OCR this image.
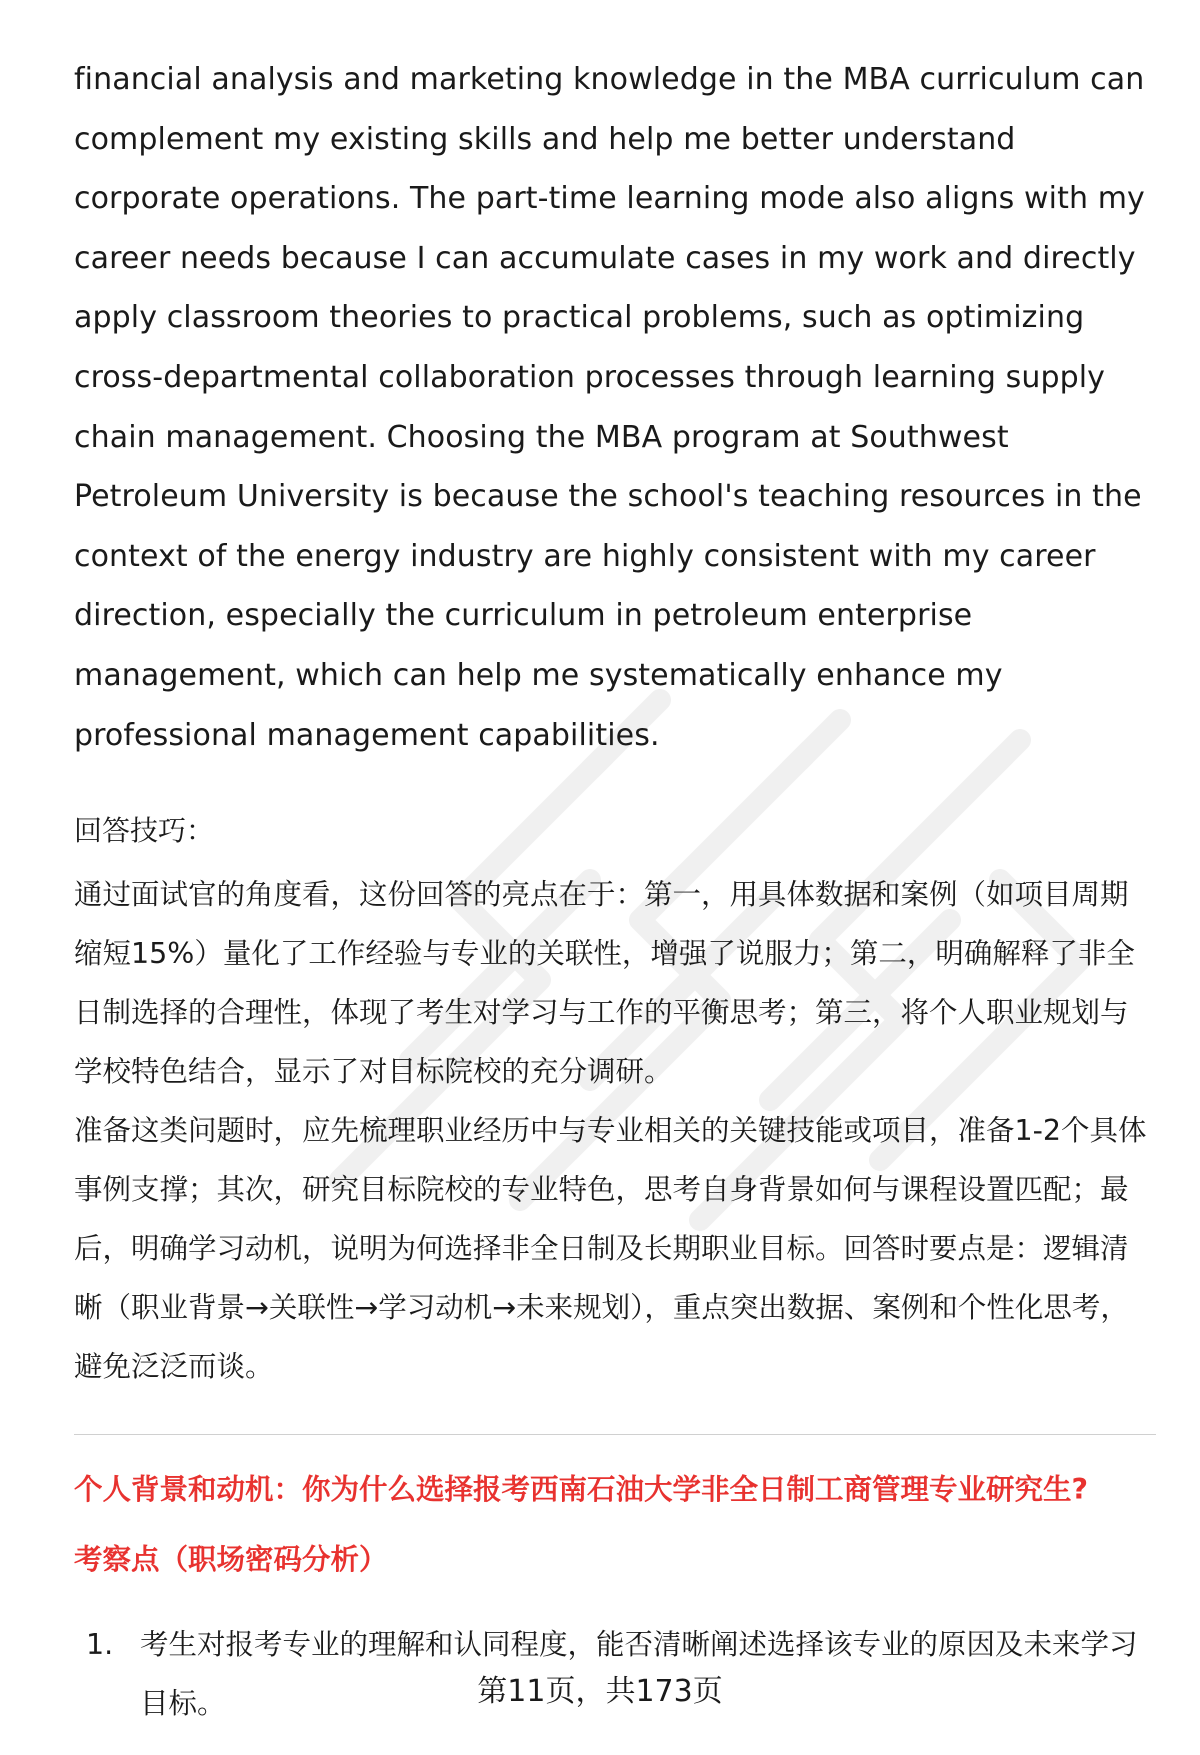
financial analysis and marketing knowledge in the MBA curriculum can complement my existing skills and help me better understand corporate operations. The part-time learning mode also aligns with my career needs because I can accumulate cases in my work and directly apply classroom theories to practical problems, such as optimizing cross-departmental collaboration processes through learning supply chain management. Choosing the MBA program at Southwest Petroleum University is because the school's teaching resources in the context of the energy industry are highly consistent with my career direction, especially the curriculum in petroleum enterprise management, which can help me systematically enhance my professional management capabilities.

回答技巧：

通过面试官的角度看，这份回答的亮点在于：第一，用具体数据和案例（如项目周期缩短15%）量化了工作经验与专业的关联性，增强了说服力；第二，明确解释了非全日制选择的合理性，体现了考生对学习与工作的平衡思考；第三，将个人职业规划与学校特色结合，显示了对目标院校的充分调研。

准备这类问题时，应先梳理职业经历中与专业相关的关键技能或项目，准备1-2个具体事例支撑；其次，研究目标院校的专业特色，思考自身背景如何与课程设置匹配；最后，明确学习动机，说明为何选择非全日制及长期职业目标。回答时要点是：逻辑清晰（职业背景→关联性→学习动机→未来规划），重点突出数据、案例和个性化思考，避免泛泛而谈。

个人背景和动机：你为什么选择报考西南石油大学非全日制工商管理专业研究生?

考察点（职场密码分析）

1. 考生对报考专业的理解和认同程度，能否清晰阐述选择该专业的原因及未来学习目标。	第11页，共173页
